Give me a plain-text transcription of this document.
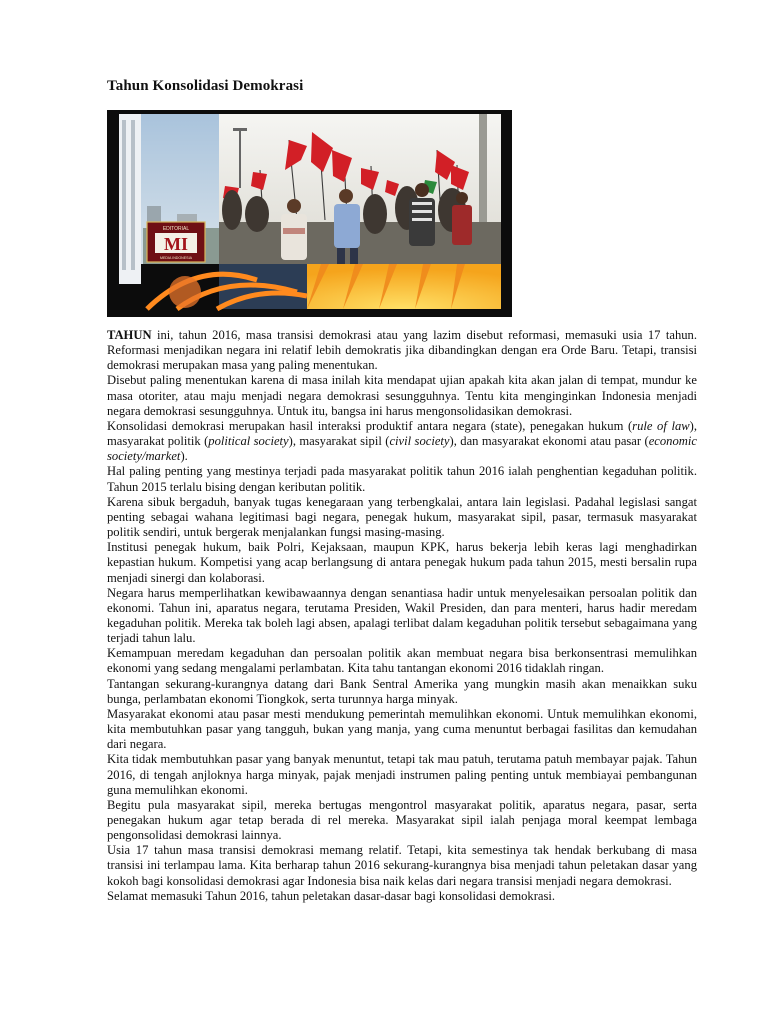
Tahun Konsolidasi Demokrasi
EDITORIAL
MI
MEDIA INDONESIA

TAHUN ini, tahun 2016, masa transisi demokrasi atau yang lazim disebut reformasi, memasuki usia 17 tahun. Reformasi menjadikan negara ini relatif lebih demokratis jika dibandingkan dengan era Orde Baru. Tetapi, transisi demokrasi merupakan masa yang paling menentukan.

Disebut paling menentukan karena di masa inilah kita mendapat ujian apakah kita akan jalan di tempat, mundur ke masa otoriter, atau maju menjadi negara demokrasi sesungguhnya. Tentu kita menginginkan Indonesia menjadi negara demokrasi sesungguhnya. Untuk itu, bangsa ini harus mengonsolidasikan demokrasi.

Konsolidasi demokrasi merupakan hasil interaksi produktif antara negara (state), penegakan hukum (rule of law), masyarakat politik (political society), masyarakat sipil (civil society), dan masyarakat ekonomi atau pasar (economic society/market).

Hal paling penting yang mestinya terjadi pada masyarakat politik tahun 2016 ialah penghentian kegaduhan politik. Tahun 2015 terlalu bising dengan keributan politik.

Karena sibuk bergaduh, banyak tugas kenegaraan yang terbengkalai, antara lain legislasi. Padahal legislasi sangat penting sebagai wahana legitimasi bagi negara, penegak hukum, masyarakat sipil, pasar, termasuk masyarakat politik sendiri, untuk bergerak menjalankan fungsi masing-masing.

Institusi penegak hukum, baik Polri, Kejaksaan, maupun KPK, harus bekerja lebih keras lagi menghadirkan kepastian hukum. Kompetisi yang acap berlangsung di antara penegak hukum pada tahun 2015, mesti bersalin rupa menjadi sinergi dan kolaborasi.

Negara harus memperlihatkan kewibawaannya dengan senantiasa hadir untuk menyelesaikan persoalan politik dan ekonomi. Tahun ini, aparatus negara, terutama Presiden, Wakil Presiden, dan para menteri, harus hadir meredam kegaduhan politik. Mereka tak boleh lagi absen, apalagi terlibat dalam kegaduhan politik tersebut sebagaimana yang terjadi tahun lalu.

Kemampuan meredam kegaduhan dan persoalan politik akan membuat negara bisa berkonsentrasi memulihkan ekonomi yang sedang mengalami perlambatan. Kita tahu tantangan ekonomi 2016 tidaklah ringan.

Tantangan sekurang-kurangnya datang dari Bank Sentral Amerika yang mungkin masih akan menaikkan suku bunga, perlambatan ekonomi Tiongkok, serta turunnya harga minyak.

Masyarakat ekonomi atau pasar mesti mendukung pemerintah memulihkan ekonomi. Untuk memulihkan ekonomi, kita membutuhkan pasar yang tangguh, bukan yang manja, yang cuma menuntut berbagai fasilitas dan kemudahan dari negara.

Kita tidak membutuhkan pasar yang banyak menuntut, tetapi tak mau patuh, terutama patuh membayar pajak. Tahun 2016, di tengah anjloknya harga minyak, pajak menjadi instrumen paling penting untuk membiayai pembangunan guna memulihkan ekonomi.

Begitu pula masyarakat sipil, mereka bertugas mengontrol masyarakat politik, aparatus negara, pasar, serta penegakan hukum agar tetap berada di rel mereka. Masyarakat sipil ialah penjaga moral keempat lembaga pengonsolidasi demokrasi lainnya.

Usia 17 tahun masa transisi demokrasi memang relatif. Tetapi, kita semestinya tak hendak berkubang di masa transisi ini terlampau lama. Kita berharap tahun 2016 sekurang-kurangnya bisa menjadi tahun peletakan dasar yang kokoh bagi konsolidasi demokrasi agar Indonesia bisa naik kelas dari negara transisi menjadi negara demokrasi.

Selamat memasuki Tahun 2016, tahun peletakan dasar-dasar bagi konsolidasi demokrasi.
